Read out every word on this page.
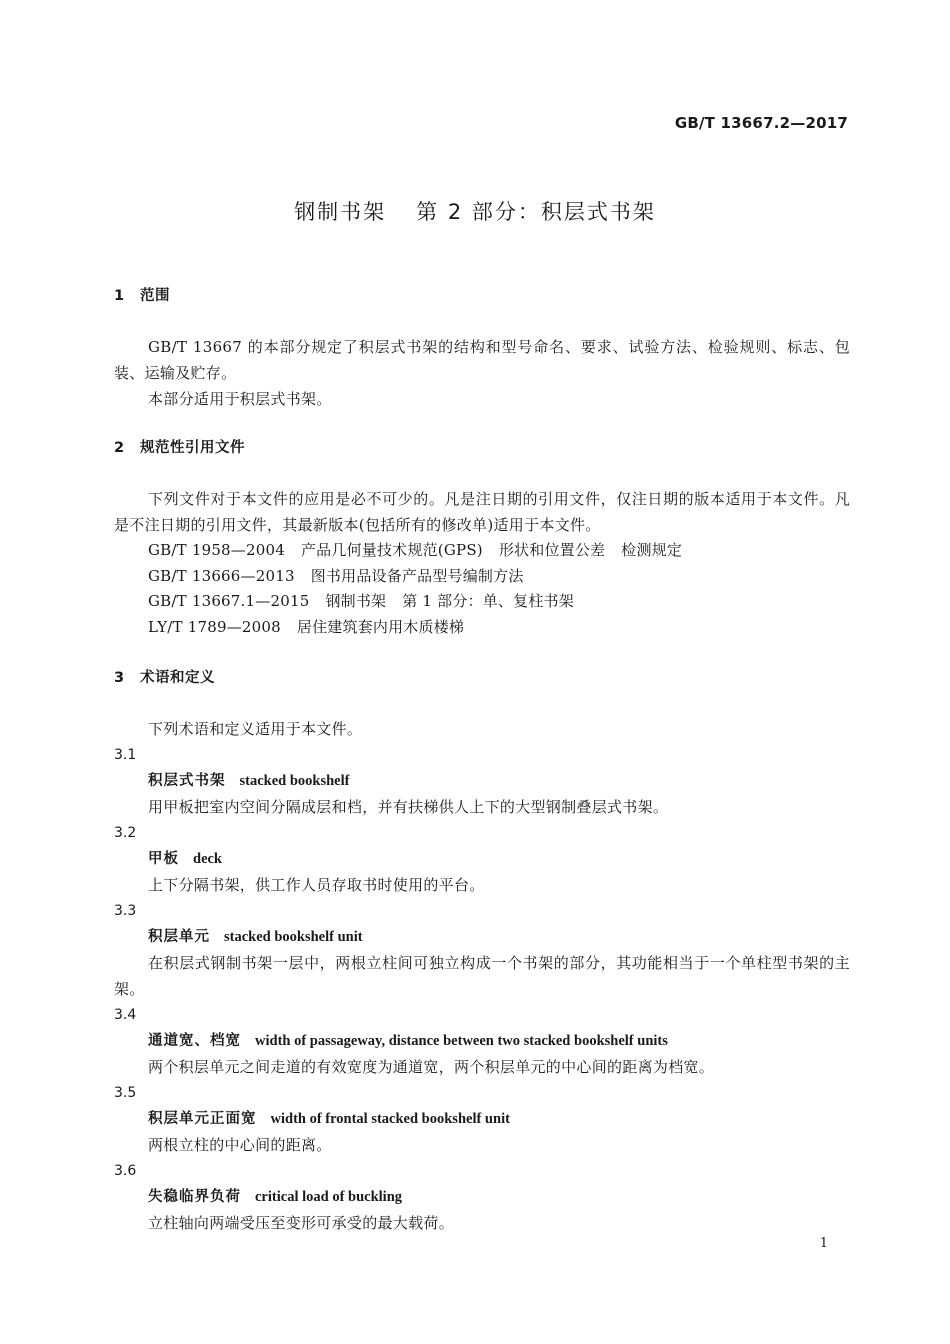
GB/T 13667.2—2017
钢制书架 第 2 部分：积层式书架
1	范围
GB/T 13667 的本部分规定了积层式书架的结构和型号命名、要求、试验方法、检验规则、标志、包装、运输及贮存。
本部分适用于积层式书架。
2	规范性引用文件
下列文件对于本文件的应用是必不可少的。凡是注日期的引用文件，仅注日期的版本适用于本文件。凡是不注日期的引用文件，其最新版本(包括所有的修改单)适用于本文件。
GB/T 1958—2004 产品几何量技术规范(GPS) 形状和位置公差 检测规定
GB/T 13666—2013 图书用品设备产品型号编制方法
GB/T 13667.1—2015 钢制书架 第 1 部分：单、复柱书架
LY/T 1789—2008 居住建筑套内用木质楼梯
3	术语和定义
下列术语和定义适用于本文件。
3.1
积层式书架 stacked bookshelf
用甲板把室内空间分隔成层和档，并有扶梯供人上下的大型钢制叠层式书架。
3.2
甲板 deck
上下分隔书架，供工作人员存取书时使用的平台。
3.3
积层单元 stacked bookshelf unit
在积层式钢制书架一层中，两根立柱间可独立构成一个书架的部分，其功能相当于一个单柱型书架的主架。
3.4
通道宽、档宽 width of passageway, distance between two stacked bookshelf units
两个积层单元之间走道的有效宽度为通道宽，两个积层单元的中心间的距离为档宽。
3.5
积层单元正面宽 width of frontal stacked bookshelf unit
两根立柱的中心间的距离。
3.6
失稳临界负荷 critical load of buckling
立柱轴向两端受压至变形可承受的最大载荷。
1
